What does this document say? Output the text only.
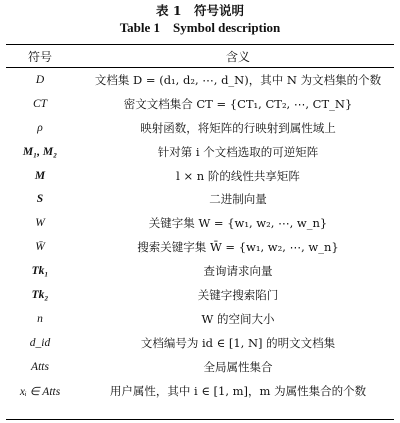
表 1　符号说明
Table 1　Symbol description
符号	含义
D	文档集 D = (d₁, d₂, ⋯, d_N)，其中 N 为文档集的个数
CT	密文文档集合 CT = {CT₁, CT₂, ⋯, CT_N}
ρ	映射函数，将矩阵的行映射到属性域上
M₁, M₂	针对第 i 个文档选取的可逆矩阵
M	l × n 阶的线性共享矩阵
S	二进制向量
W	关键字集 W = {w₁, w₂, ⋯, w_n}
W̄	搜索关键字集 W̄ = {w₁, w₂, ⋯, w_n}
Tk₁	查询请求向量
Tk₂	关键字搜索陷门
n	W 的空间大小
d_id	文档编号为 id ∈ [1, N] 的明文文档集
Atts	全局属性集合
xᵢ ∈ Atts	用户属性，其中 i ∈ [1, m]，m 为属性集合的个数
